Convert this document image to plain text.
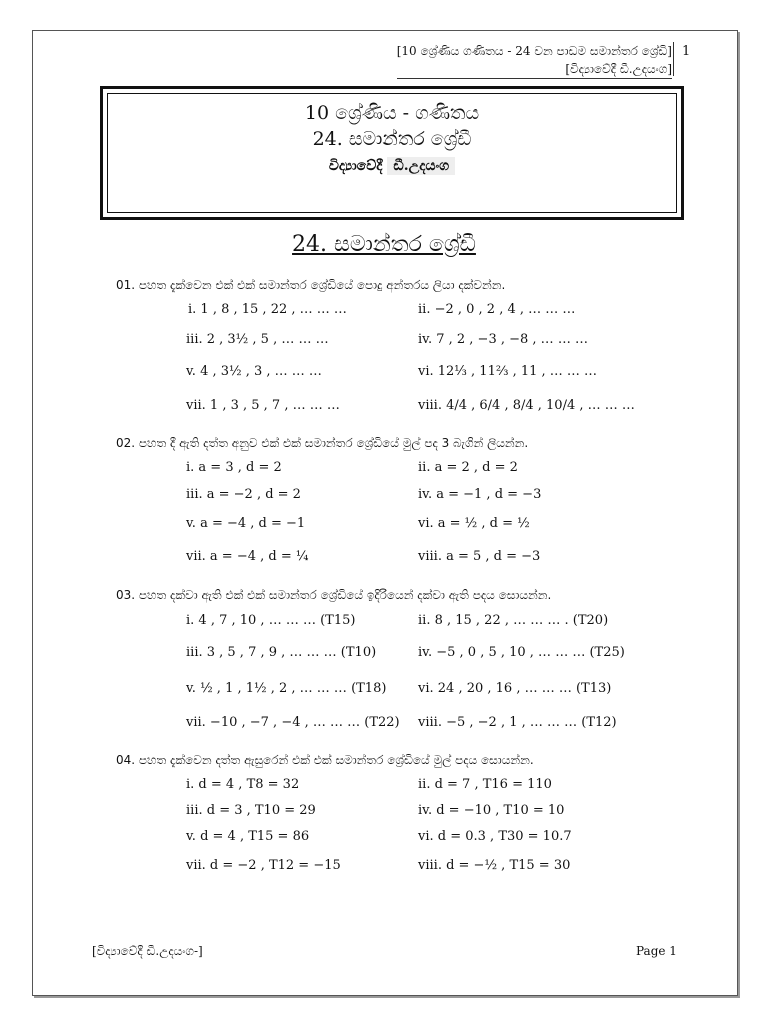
[10 ශ්‍රේණිය ගණිතය - 24 වන පාඩම සමාන්තර ශ්‍රේඩි]
[විද්‍යාවේදී ඩී.උදයංග]
1
10 ශ්‍රේණිය - ගණිතය
24. සමාන්තර ශ්‍රේඩී
විද්‍යාවේදී ඩී.උදයංග
24. සමාන්තර ශ්‍රේඩී
01. පහත දැක්වෙන එක් එක් සමාන්තර ශ්‍රේඩියේ පොදු අන්තරය ලියා දක්වන්න.
i. 1 , 8 , 15 , 22 , … … …	ii. −2 , 0 , 2 , 4 , … … …
iii. 2 , 3½ , 5 , … … …	iv. 7 , 2 , −3 , −8 , … … …
v. 4 , 3½ , 3 , … … …	vi. 12⅓ , 11⅔ , 11 , … … …
vii. 1 , 3 , 5 , 7 , … … …	viii. 4/4 , 6/4 , 8/4 , 10/4 , … … …
02. පහත දී ඇති දත්ත අනුව එක් එක් සමාන්තර ශ්‍රේඩියේ මුල් පද 3 බැගින් ලියන්න.
i. a = 3 , d = 2	ii. a = 2 , d = 2
iii. a = −2 , d = 2	iv. a = −1 , d = −3
v. a = −4 , d = −1	vi. a = ½ , d = ½
vii. a = −4 , d = ¼	viii. a = 5 , d = −3
03. පහත දක්වා ඇති එක් එක් සමාන්තර ශ්‍රේඩියේ ඉදිරියෙන් දක්වා ඇති පදය සොයන්න.
i. 4 , 7 , 10 , … … … (T15)	ii. 8 , 15 , 22 , … … … . (T20)
iii. 3 , 5 , 7 , 9 , … … … (T10)	iv. −5 , 0 , 5 , 10 , … … … (T25)
v. ½ , 1 , 1½ , 2 , … … … (T18) vi. 24 , 20 , 16 , … … … (T13)
vii. −10 , −7 , −4 , … … … (T22) viii. −5 , −2 , 1 , … … … (T12)
04. පහත දැක්වෙන දත්ත ඇසුරෙන් එක් එක් සමාන්තර ශ්‍රේඩියේ මුල් පදය සොයන්න.
i. d = 4 , T8 = 32	ii. d = 7 , T16 = 110
iii. d = 3 , T10 = 29	iv. d = −10 , T10 = 10
v. d = 4 , T15 = 86	vi. d = 0.3 , T30 = 10.7
vii. d = −2 , T12 = −15	viii. d = −½ , T15 = 30
[විද්‍යාවේදී ඩී.උදයංග-]	Page 1
